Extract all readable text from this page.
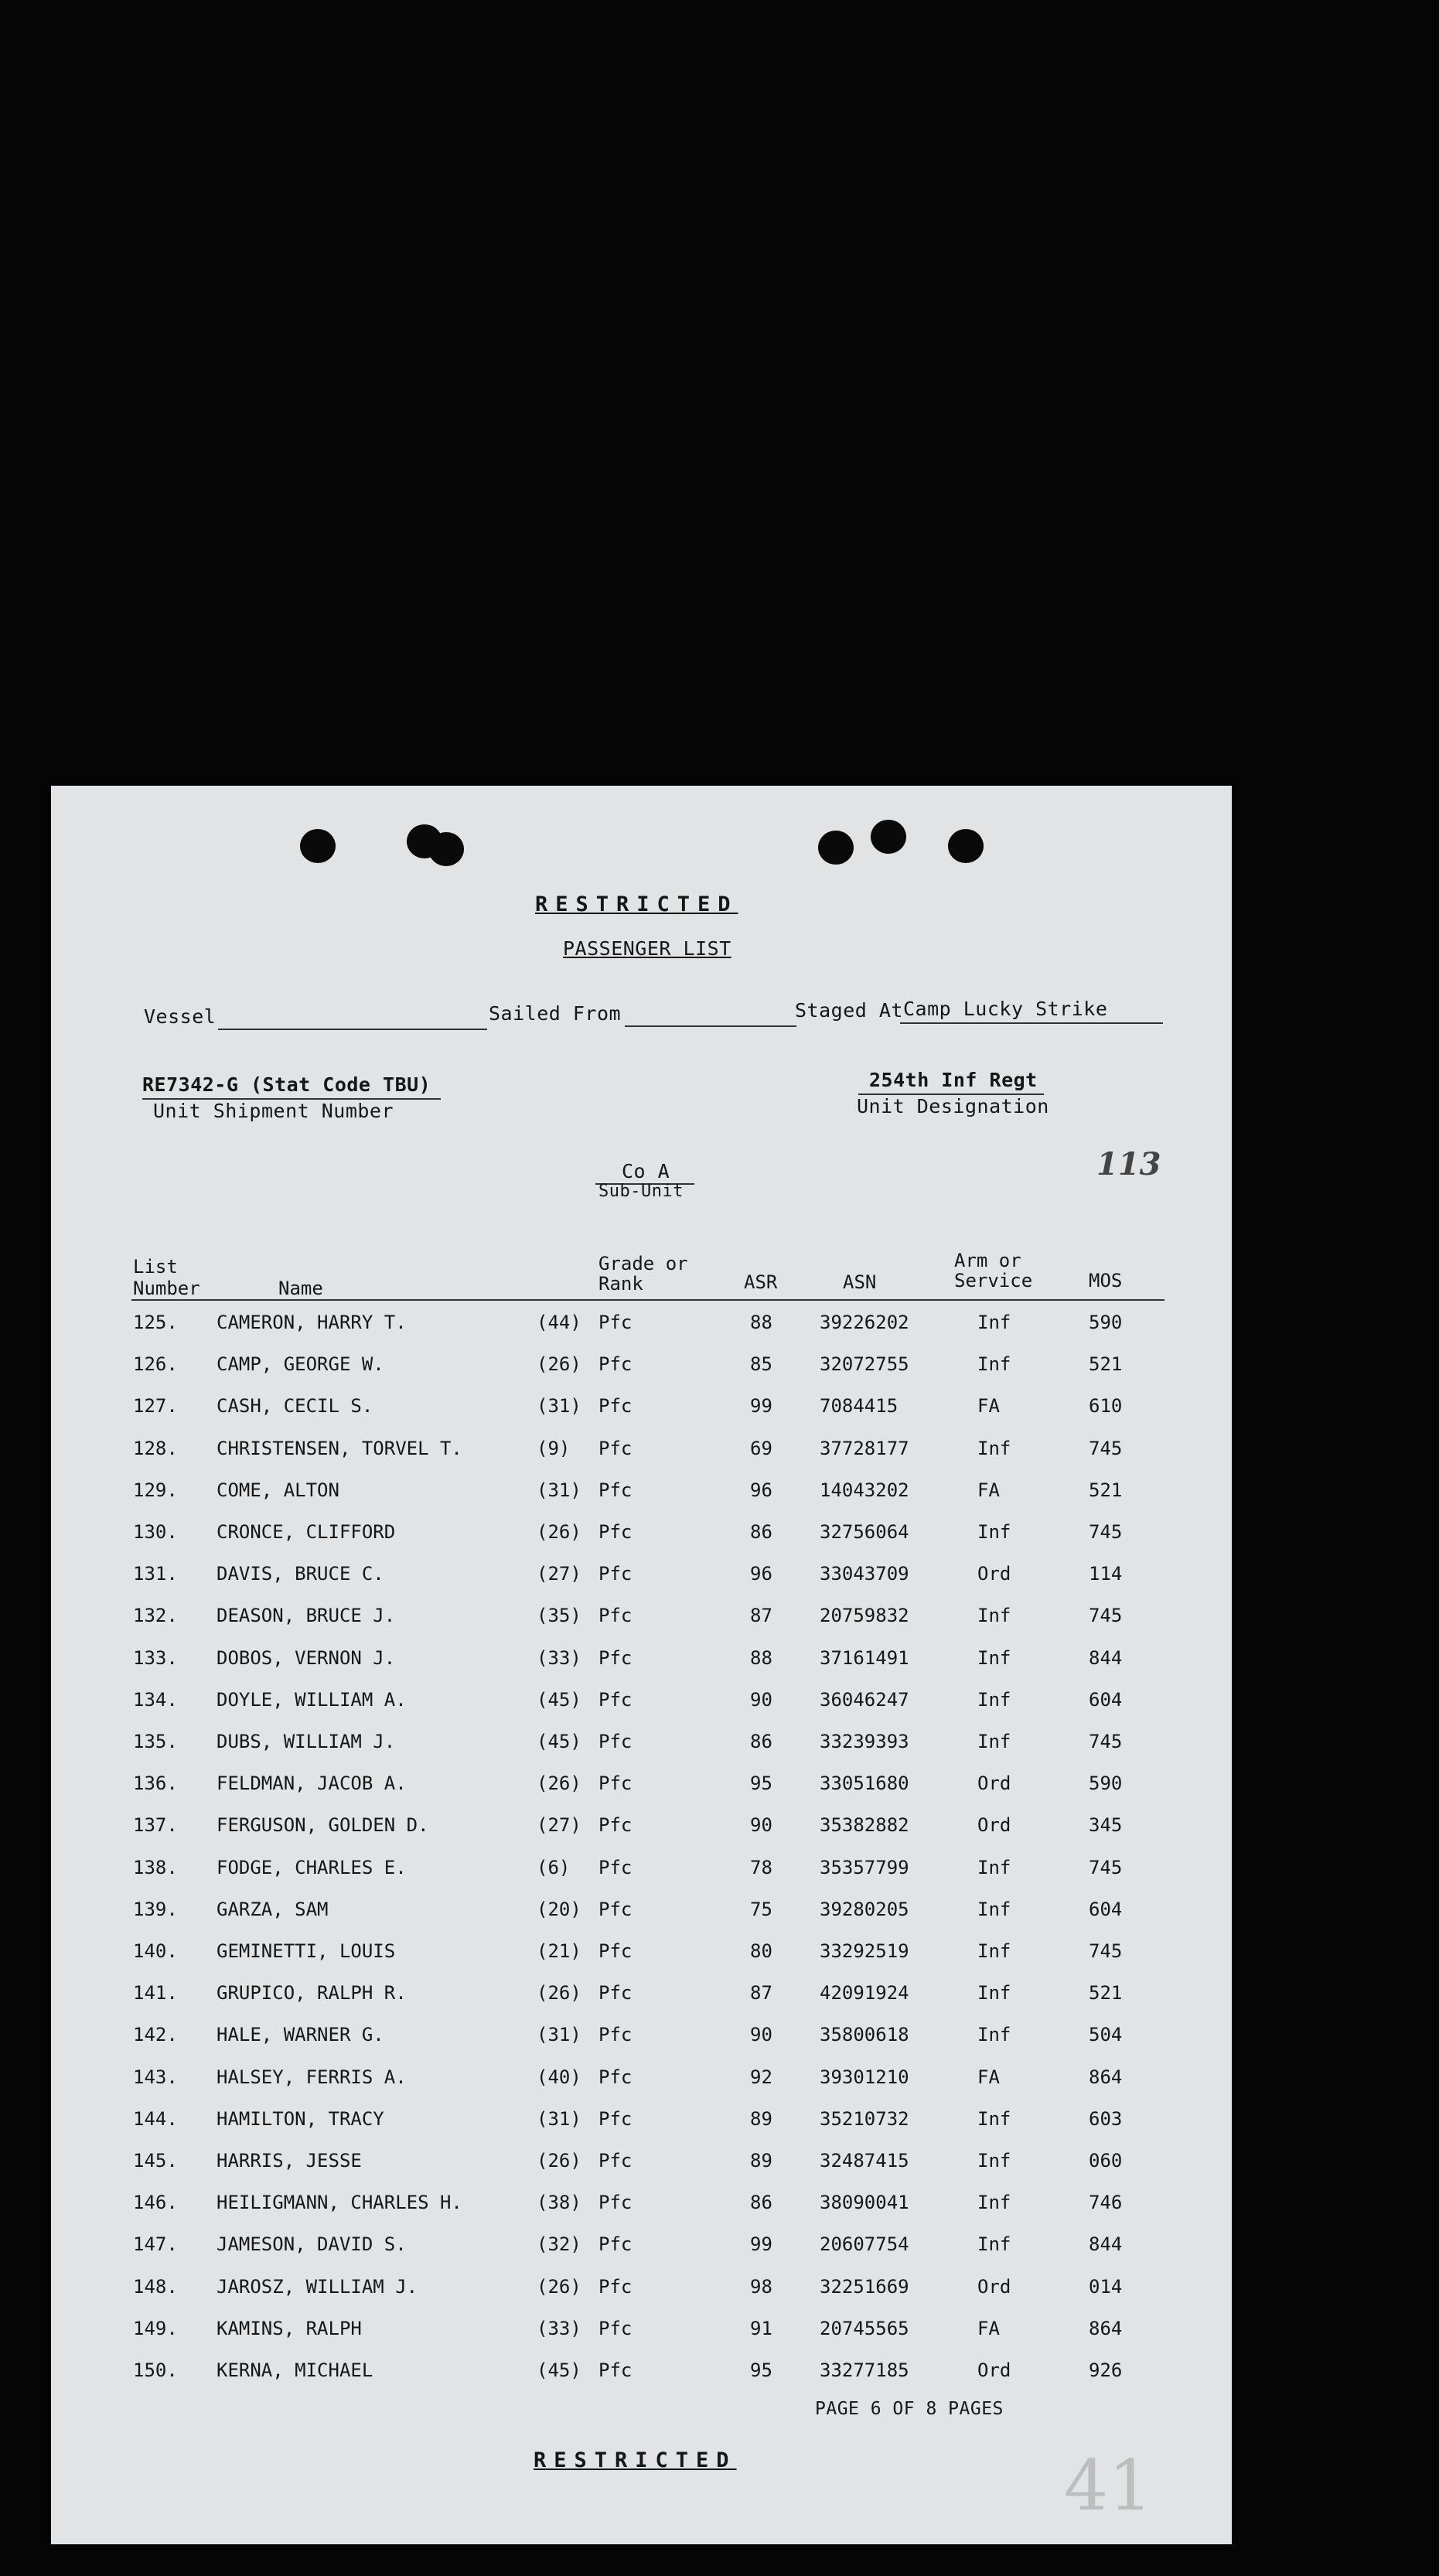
RESTRICTED
PASSENGER LIST
Vessel	Sailed From	Staged At Camp Lucky Strike
RE7342-G (Stat Code TBU)
Unit Shipment Number
254th Inf Regt
Unit Designation
Co A
Sub-Unit
113
List
Number	Name
Grade or
Rank	ASR	ASN
Arm or
Service	MOS
125. CAMERON, HARRY T.	(44) Pfc	88	39226202	Inf	590
126. CAMP, GEORGE W.	(26) Pfc	85	32072755	Inf	521
127. CASH, CECIL S.	(31) Pfc	99	7084415	FA	610
128. CHRISTENSEN, TORVEL T.	(9) Pfc	69	37728177	Inf	745
129. COME, ALTON	(31) Pfc	96	14043202	FA	521
130. CRONCE, CLIFFORD	(26) Pfc	86	32756064	Inf	745
131. DAVIS, BRUCE C.	(27) Pfc	96	33043709	Ord	114
132. DEASON, BRUCE J.	(35) Pfc	87	20759832	Inf	745
133. DOBOS, VERNON J.	(33) Pfc	88	37161491	Inf	844
134. DOYLE, WILLIAM A.	(45) Pfc	90	36046247	Inf	604
135. DUBS, WILLIAM J.	(45) Pfc	86	33239393	Inf	745
136. FELDMAN, JACOB A.	(26) Pfc	95	33051680	Ord	590
137. FERGUSON, GOLDEN D.	(27) Pfc	90	35382882	Ord	345
138. FODGE, CHARLES E.	(6) Pfc	78	35357799	Inf	745
139. GARZA, SAM	(20) Pfc	75	39280205	Inf	604
140. GEMINETTI, LOUIS	(21) Pfc	80	33292519	Inf	745
141. GRUPICO, RALPH R.	(26) Pfc	87	42091924	Inf	521
142. HALE, WARNER G.	(31) Pfc	90	35800618	Inf	504
143. HALSEY, FERRIS A.	(40) Pfc	92	39301210	FA	864
144. HAMILTON, TRACY	(31) Pfc	89	35210732	Inf	603
145. HARRIS, JESSE	(26) Pfc	89	32487415	Inf	060
146. HEILIGMANN, CHARLES H.	(38) Pfc	86	38090041	Inf	746
147. JAMESON, DAVID S.	(32) Pfc	99	20607754	Inf	844
148. JAROSZ, WILLIAM J.	(26) Pfc	98	32251669	Ord	014
149. KAMINS, RALPH	(33) Pfc	91	20745565	FA	864
150. KERNA, MICHAEL	(45) Pfc	95	33277185	Ord	926
PAGE 6 OF 8 PAGES
RESTRICTED	41
